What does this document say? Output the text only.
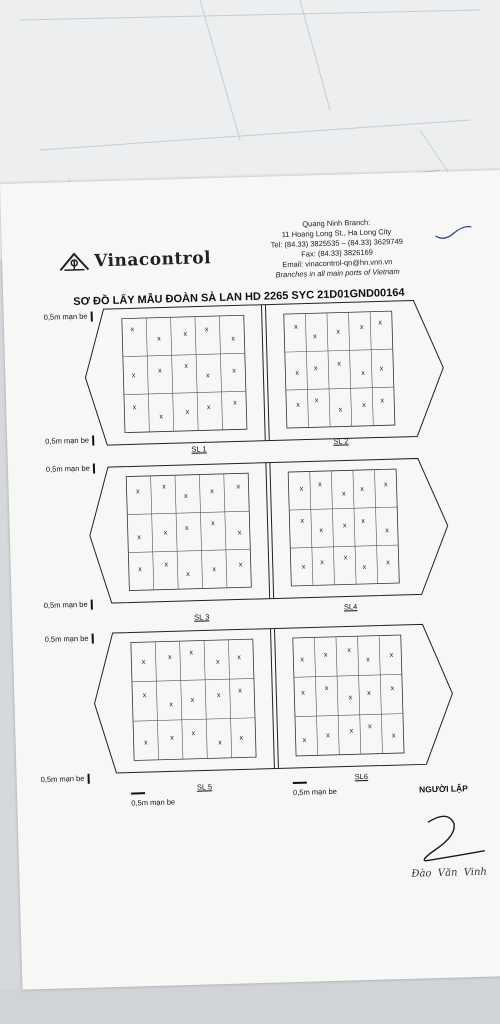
Vinacontrol
Quang Ninh Branch:
11 Hoang Long St., Ha Long City
Tel: (84.33) 3825535 – (84.33) 3629749
Fax: (84.33) 3826169
Email: vinacontrol-qn@hn.vnn.vn
Branches in all main ports of Vietnam
SƠ ĐỒ LẤY MẪU ĐOÀN SÀ LAN HD 2265 SYC 21D01GND00164
x
x
x
x
x
x
x
x
x
x
x
x
x
x
x
x
x
x
x
x
x
x
x
x
x
x
x
x
x
x
x
x
x
x
x
x
x
x
x
x
x
x
x
x
x
x
x
x
x
x
x
x
x
x
x
x
x
x
x
x
x
x
x
x
x
x
x
x
x
x
x
x
x
x
x
x
x
x
x
x
x
x
x
x
x
x
x
x
x
x
0,5m mạn be
0,5m mạn be
0,5m mạn be
0,5m mạn be
0,5m mạn be
0,5m mạn be
SL 1
SL 2
SL 3
SL4
SL 5
SL6
0,5m mạn be
0,5m mạn be	NGƯỜI LẬP
Đào  Văn  Vinh
